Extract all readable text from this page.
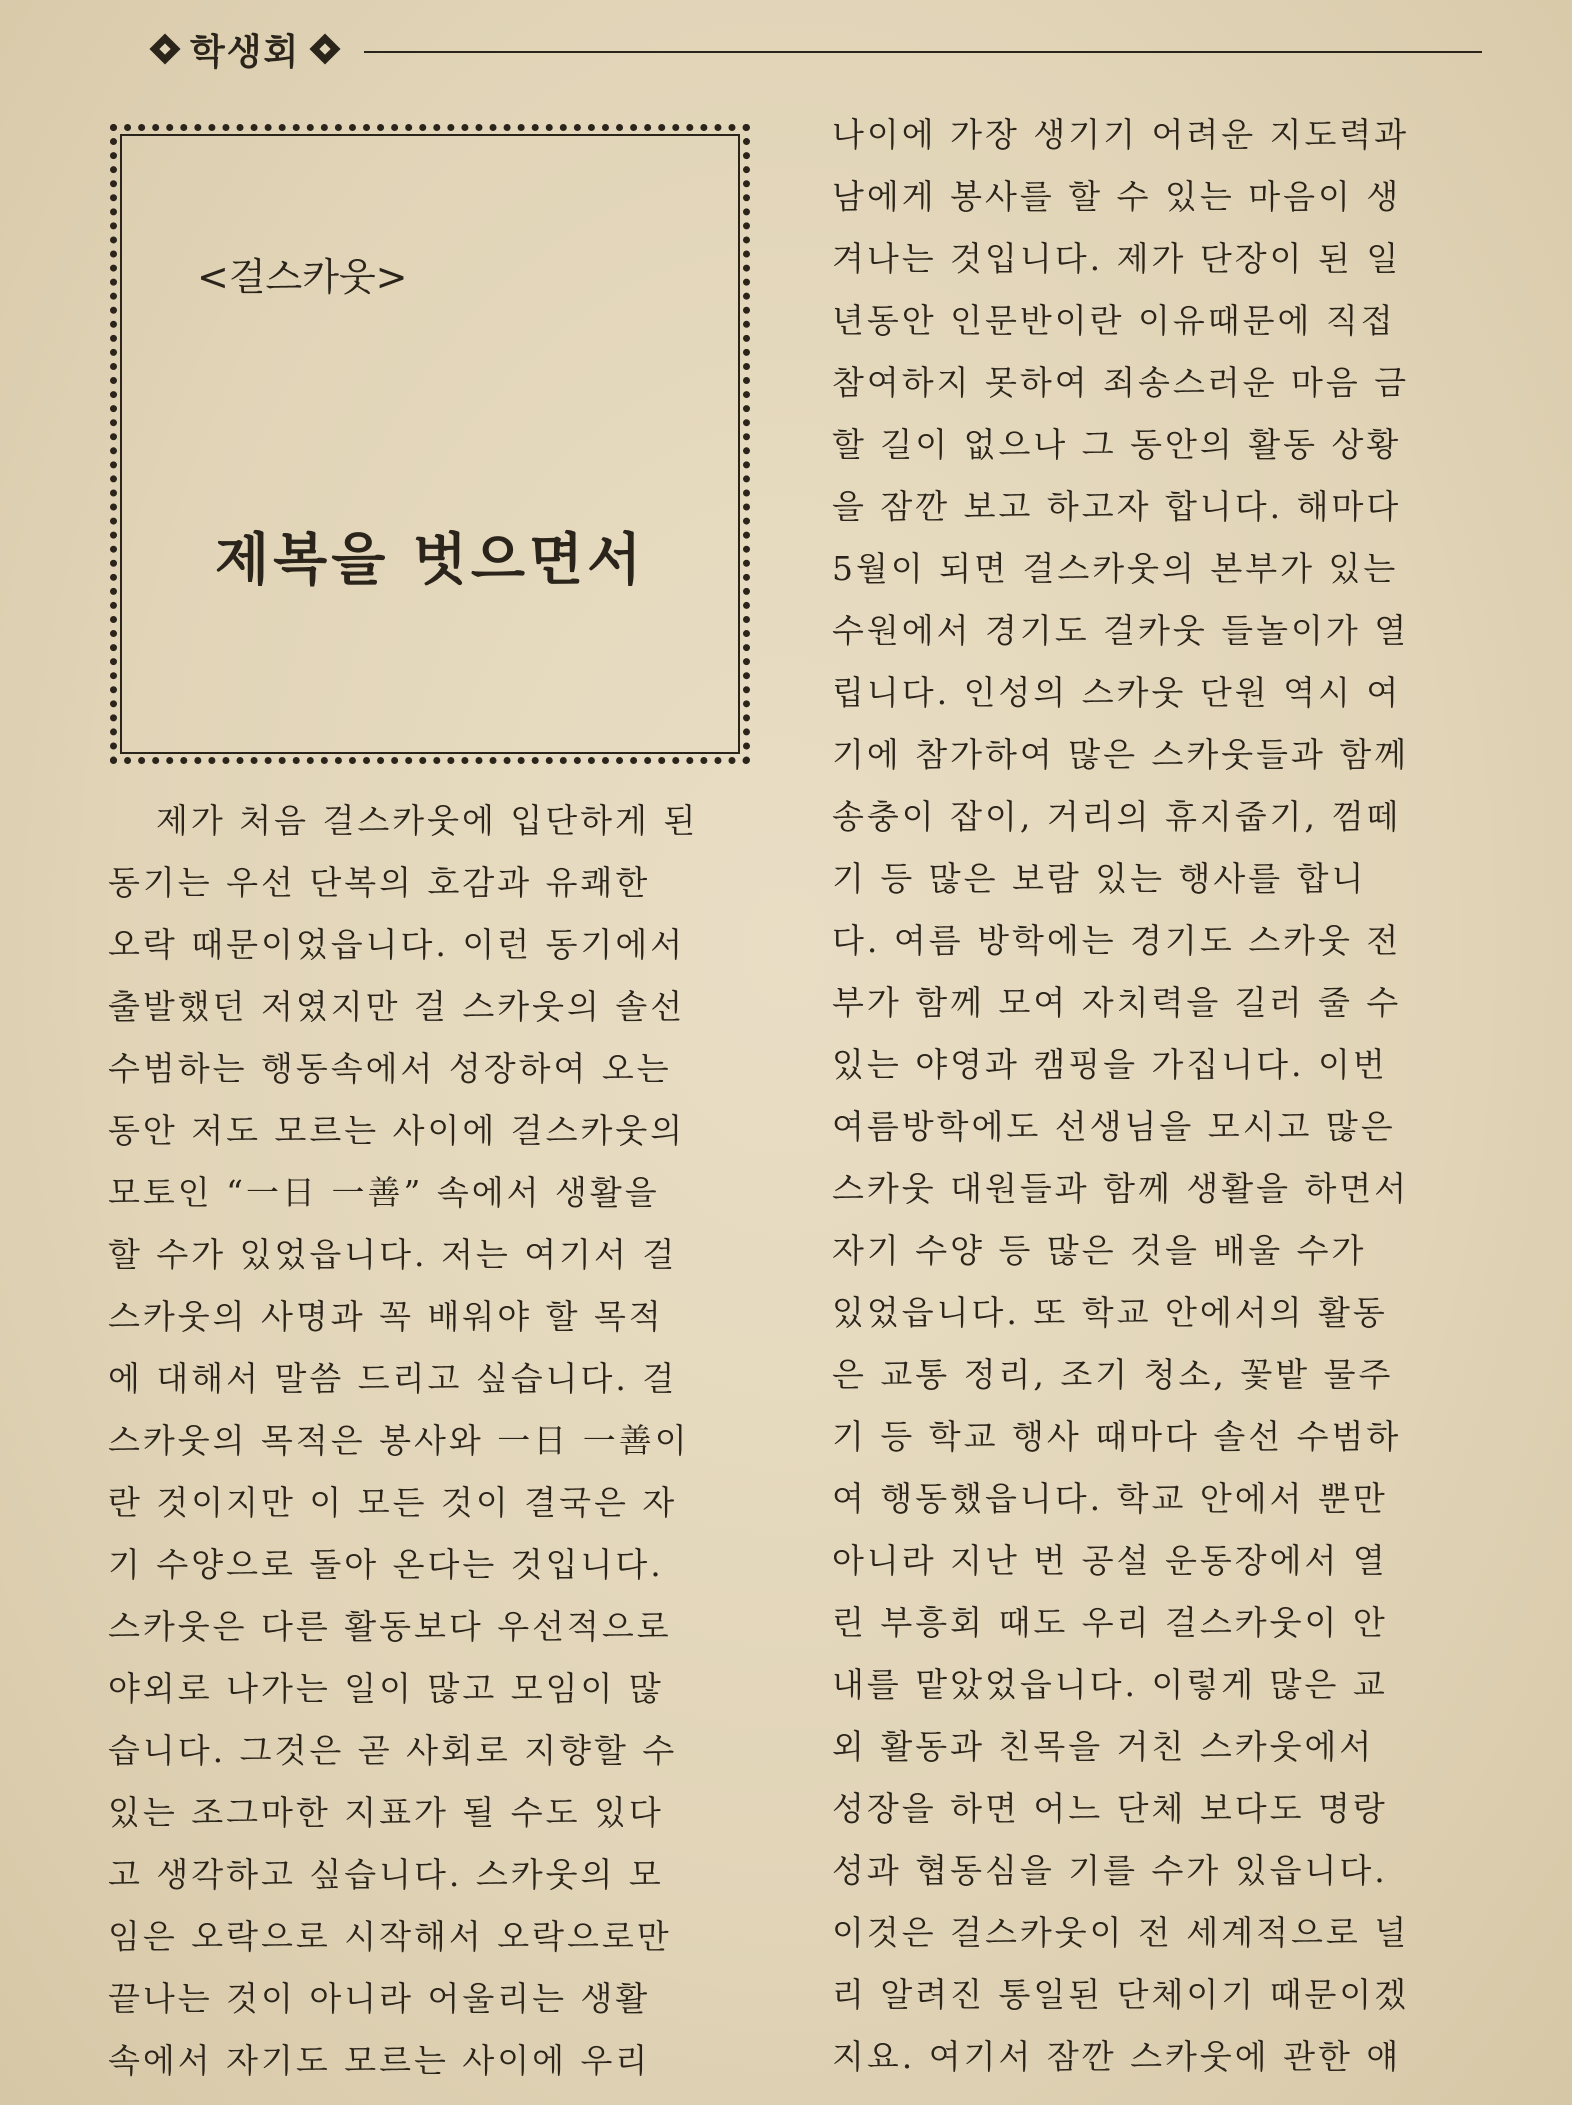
학생회
<걸스카웃>
제복을 벗으면서
제가 처음 걸스카웃에 입단하게 된
동기는 우선 단복의 호감과 유쾌한
오락 때문이었읍니다. 이런 동기에서
출발했던 저였지만 걸 스카웃의 솔선
수범하는 행동속에서 성장하여 오는
동안 저도 모르는 사이에 걸스카웃의
모토인 “一日 一善” 속에서 생활을
할 수가 있었읍니다. 저는 여기서 걸
스카웃의 사명과 꼭 배워야 할 목적
에 대해서 말씀 드리고 싶습니다. 걸
스카웃의 목적은 봉사와 一日 一善이
란 것이지만 이 모든 것이 결국은 자
기 수양으로 돌아 온다는 것입니다.
스카웃은 다른 활동보다 우선적으로
야외로 나가는 일이 많고 모임이 많
습니다. 그것은 곧 사회로 지향할 수
있는 조그마한 지표가 될 수도 있다
고 생각하고 싶습니다. 스카웃의 모
임은 오락으로 시작해서 오락으로만
끝나는 것이 아니라 어울리는 생활
속에서 자기도 모르는 사이에 우리
나이에 가장 생기기 어려운 지도력과
남에게 봉사를 할 수 있는 마음이 생
겨나는 것입니다. 제가 단장이 된 일
년동안 인문반이란 이유때문에 직접
참여하지 못하여 죄송스러운 마음 금
할 길이 없으나 그 동안의 활동 상황
을 잠깐 보고 하고자 합니다. 해마다
5월이 되면 걸스카웃의 본부가 있는
수원에서 경기도 걸카웃 들놀이가 열
립니다. 인성의 스카웃 단원 역시 여
기에 참가하여 많은 스카웃들과 함께
송충이 잡이, 거리의 휴지줍기, 껌떼
기 등 많은 보람 있는 행사를 합니
다. 여름 방학에는 경기도 스카웃 전
부가 함께 모여 자치력을 길러 줄 수
있는 야영과 캠핑을 가집니다. 이번
여름방학에도 선생님을 모시고 많은
스카웃 대원들과 함께 생활을 하면서
자기 수양 등 많은 것을 배울 수가
있었읍니다. 또 학교 안에서의 활동
은 교통 정리, 조기 청소, 꽃밭 물주
기 등 학교 행사 때마다 솔선 수범하
여 행동했읍니다. 학교 안에서 뿐만
아니라 지난 번 공설 운동장에서 열
린 부흥회 때도 우리 걸스카웃이 안
내를 맡았었읍니다. 이렇게 많은 교
외 활동과 친목을 거친 스카웃에서
성장을 하면 어느 단체 보다도 명랑
성과 협동심을 기를 수가 있읍니다.
이것은 걸스카웃이 전 세계적으로 널
리 알려진 통일된 단체이기 때문이겠
지요. 여기서 잠깐 스카웃에 관한 얘
